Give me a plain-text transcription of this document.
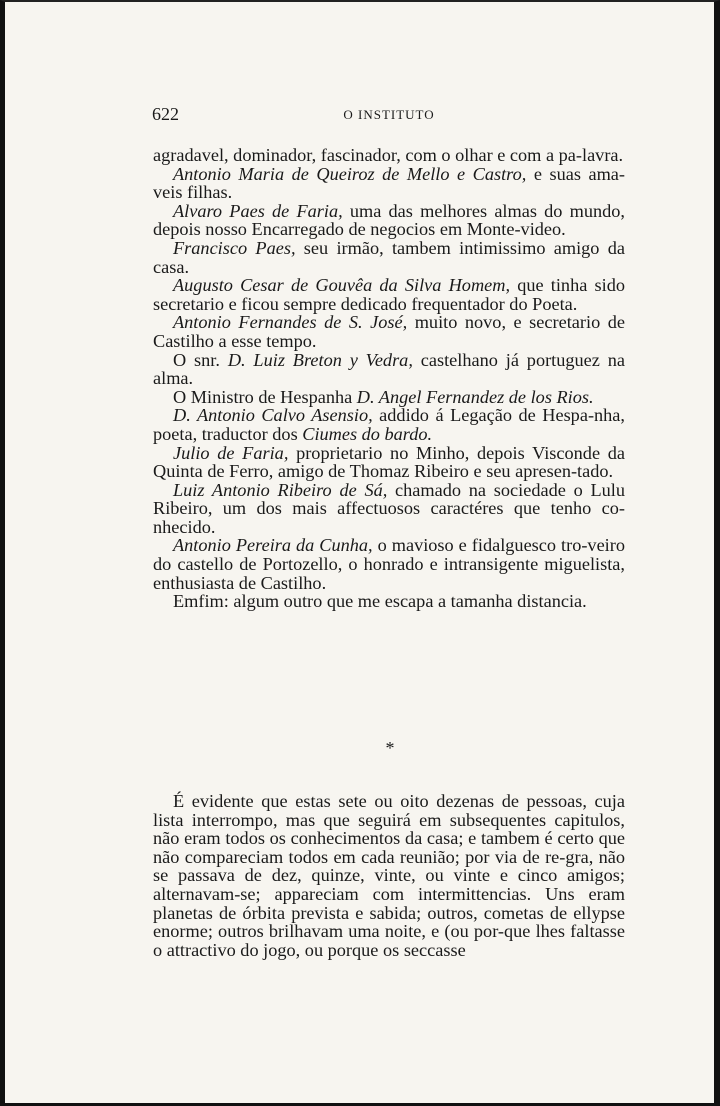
622	O INSTITUTO

agradavel, dominador, fascinador, com o olhar e com a pa-lavra.

Antonio Maria de Queiroz de Mello e Castro, e suas ama-veis filhas.

Alvaro Paes de Faria, uma das melhores almas do mundo, depois nosso Encarregado de negocios em Monte-video.

Francisco Paes, seu irmão, tambem intimissimo amigo da casa.

Augusto Cesar de Gouvêa da Silva Homem, que tinha sido secretario e ficou sempre dedicado frequentador do Poeta.

Antonio Fernandes de S. José, muito novo, e secretario de Castilho a esse tempo.

O snr. D. Luiz Breton y Vedra, castelhano já portuguez na alma.

O Ministro de Hespanha D. Angel Fernandez de los Rios.

D. Antonio Calvo Asensio, addido á Legação de Hespa-nha, poeta, traductor dos Ciumes do bardo.

Julio de Faria, proprietario no Minho, depois Visconde da Quinta de Ferro, amigo de Thomaz Ribeiro e seu apresen-tado.

Luiz Antonio Ribeiro de Sá, chamado na sociedade o Lulu Ribeiro, um dos mais affectuosos caractéres que tenho co-nhecido.

Antonio Pereira da Cunha, o mavioso e fidalguesco tro-veiro do castello de Portozello, o honrado e intransigente miguelista, enthusiasta de Castilho.

Emfim: algum outro que me escapa a tamanha distancia.

*

É evidente que estas sete ou oito dezenas de pessoas, cuja lista interrompo, mas que seguirá em subsequentes capitulos, não eram todos os conhecimentos da casa; e tambem é certo que não compareciam todos em cada reunião; por via de re-gra, não se passava de dez, quinze, vinte, ou vinte e cinco amigos; alternavam-se; appareciam com intermittencias. Uns eram planetas de órbita prevista e sabida; outros, cometas de ellypse enorme; outros brilhavam uma noite, e (ou por-que lhes faltasse o attractivo do jogo, ou porque os seccasse
